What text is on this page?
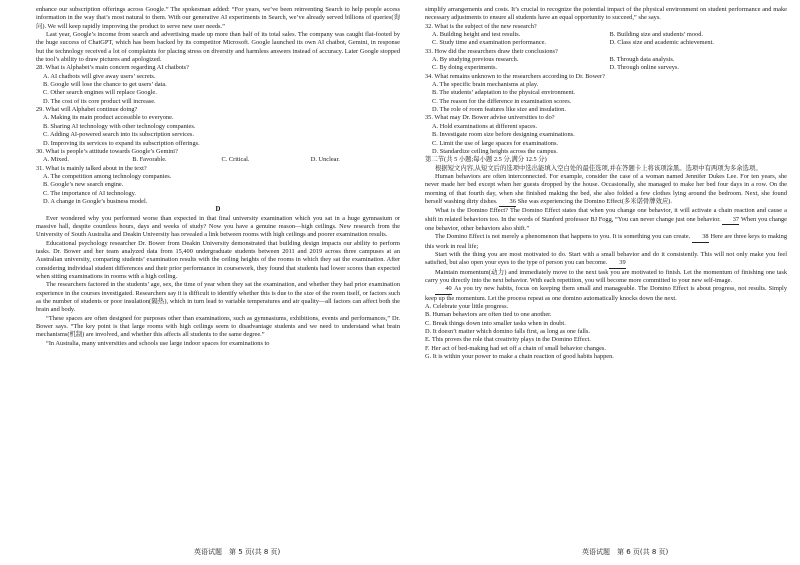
enhance our subscription offerings across Google.” The spokesman added: “For years, we’ve been reinventing Search to help people access information in the way that’s most natural to them. With our generative AI experiments in Search, we’ve already served billions of queries(询问). We will keep rapidly improving the product to serve new user needs.”

Last year, Google’s income from search and advertising made up more than half of its total sales. The company was caught flat-footed by the huge success of ChatGPT, which has been backed by its competitor Microsoft. Google launched its own AI chatbot, Gemini, in response but the technology received a lot of complaints for placing stress on diversity and harmless answers instead of accuracy. Later Google stopped the tool’s ability to draw pictures and apologized.

28. What is Alphabet’s main concern regarding AI chatbots?

A. AI chatbots will give away users’ secrets.

B. Google will lose the chance to get users’ data.

C. Other search engines will replace Google.

D. The cost of its core product will increase.

29. What will Alphabet continue doing?

A. Making its main product accessible to everyone.

B. Sharing AI technology with other technology companies.

C. Adding AI-powered search into its subscription services.

D. Improving its services to expand its subscription offerings.

30. What is people’s attitude towards Google’s Gemini?

A. Mixed.	B. Favorable.	C. Critical.	D. Unclear.

31. What is mainly talked about in the text?

A. The competition among technology companies.

B. Google’s new search engine.

C. The importance of AI technology.

D. A change in Google’s business model.

D

Ever wondered why you performed worse than expected in that final university examination which you sat in a huge gymnasium or massive hall, despite countless hours, days and weeks of study? Now you have a genuine reason—high ceilings. New research from the University of South Australia and Deakin University has revealed a link between rooms with high ceilings and poorer examination results.

Educational psychology researcher Dr. Bower from Deakin University demonstrated that building design impacts our ability to perform tasks. Dr. Bower and her team analyzed data from 15,400 undergraduate students between 2011 and 2019 across three campuses at an Australian university, comparing students’ examination results with the ceiling heights of the rooms in which they sat the examination. After considering individual student differences and their prior performance in coursework, they found that students had lower scores than expected when sitting examinations in rooms with a high ceiling.

The researchers factored in the students’ age, sex, the time of year when they sat the examination, and whether they had prior examination experience in the courses investigated. Researchers say it is difficult to identify whether this is due to the size of the room itself, or factors such as the number of students or poor insulation(隔热), which in turn lead to variable temperatures and air quality—all factors can affect both the brain and body.

“These spaces are often designed for purposes other than examinations, such as gymnasiums, exhibitions, events and performances,” Dr. Bower says. “The key point is that large rooms with high ceilings seem to disadvantage students and we need to understand what brain mechanisms(机制) are involved, and whether this affects all students to the same degree.”

“In Australia, many universities and schools use large indoor spaces for examinations to

simplify arrangements and costs. It’s crucial to recognize the potential impact of the physical environment on student performance and make necessary adjustments to ensure all students have an equal opportunity to succeed,” she says.

32. What is the subject of the new research?

A. Building height and test results.	B. Building size and students’ mood.
C. Study time and examination performance.	D. Class size and academic achievement.

33. How did the researchers draw their conclusions?

A. By studying previous research.	B. Through data analysis.
C. By doing experiments.	D. Through online surveys.

34. What remains unknown to the researchers according to Dr. Bower?

A. The specific brain mechanisms at play.

B. The students’ adaptation to the physical environment.

C. The reason for the difference in examination scores.

D. The role of room features like size and insulation.

35. What may Dr. Bower advise universities to do?

A. Hold examinations at different spaces.

B. Investigate room size before designing examinations.

C. Limit the use of large spaces for examinations.

D. Standardize ceiling heights across the campus.

第二节(共 5 小题;每小题 2.5 分,满分 12.5 分)

根据短文内容,从短文后的选项中选出能填入空白处的最佳选项,并在答题卡上将该项涂黑。选项中有两项为多余选项。

Human behaviors are often interconnected. For example, consider the case of a woman named Jennifer Dukes Lee. For ten years, she never made her bed except when her guests dropped by the house. Occasionally, she managed to make her bed four days in a row. On the morning of that fourth day, when she finished making the bed, she also folded a few clothes lying around the bedroom. Next, she found herself washing dirty dishes. 36 She was experiencing the Domino Effect(多米诺骨牌效应).

What is the Domino Effect? The Domino Effect states that when you change one behavior, it will activate a chain reaction and cause a shift in related behaviors too. In the words of Stanford professor BJ Fogg, “You can never change just one behavior. 37 When you change one behavior, other behaviors also shift.”

The Domino Effect is not merely a phenomenon that happens to you. It is something you can create. 38 Here are three keys to making this work in real life;

Start with the thing you are most motivated to do. Start with a small behavior and do it consistently. This will not only make you feel satisfied, but also open your eyes to the type of person you can become. 39

Maintain momentum(动力) and immediately move to the next task you are motivated to finish. Let the momentum of finishing one task carry you directly into the next behavior. With each repetition, you will become more committed to your new self-image.

40 As you try new habits, focus on keeping them small and manageable. The Domino Effect is about progress, not results. Simply keep up the momentum. Let the process repeat as one domino automatically knocks down the next.

A. Celebrate your little progress.

B. Human behaviors are often tied to one another.

C. Break things down into smaller tasks when in doubt.

D. It doesn’t matter which domino falls first, as long as one falls.

E. This proves the role that creativity plays in the Domino Effect.

F. Her act of bed-making had set off a chain of small behavior changes.

G. It is within your power to make a chain reaction of good habits happen.

英语试题　第 5 页(共 8 页)	英语试题　第 6 页(共 8 页)
